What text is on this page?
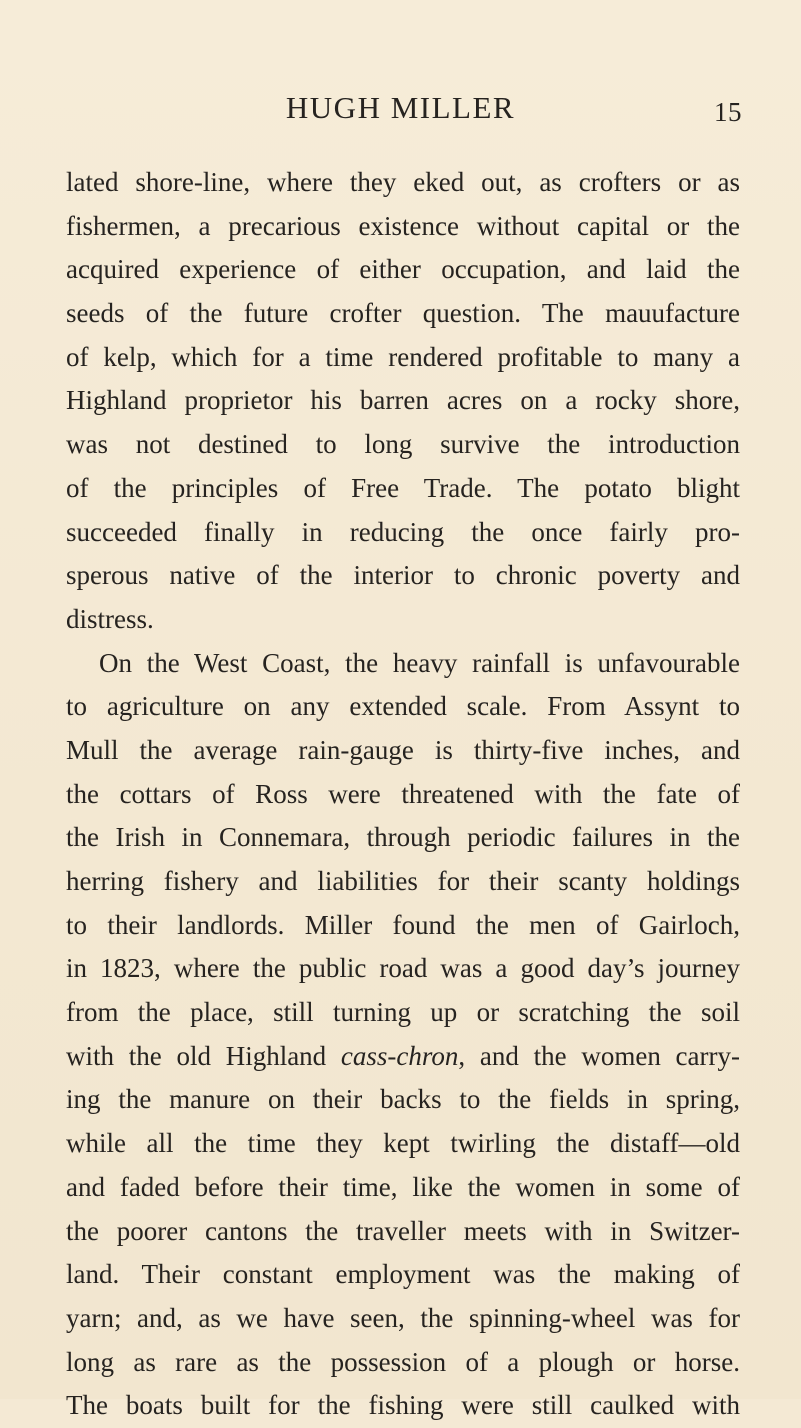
HUGH MILLER	15
lated shore-line, where they eked out, as crofters or as
fishermen, a precarious existence without capital or the
acquired experience of either occupation, and laid the
seeds of the future crofter question. The mauufacture
of kelp, which for a time rendered profitable to many a
Highland proprietor his barren acres on a rocky shore,
was not destined to long survive the introduction
of the principles of Free Trade. The potato blight
succeeded finally in reducing the once fairly pro-
sperous native of the interior to chronic poverty and
distress.
On the West Coast, the heavy rainfall is unfavourable
to agriculture on any extended scale. From Assynt to
Mull the average rain-gauge is thirty-five inches, and
the cottars of Ross were threatened with the fate of
the Irish in Connemara, through periodic failures in the
herring fishery and liabilities for their scanty holdings
to their landlords. Miller found the men of Gairloch,
in 1823, where the public road was a good day’s journey
from the place, still turning up or scratching the soil
with the old Highland cass-chron, and the women carry-
ing the manure on their backs to the fields in spring,
while all the time they kept twirling the distaff—old
and faded before their time, like the women in some of
the poorer cantons the traveller meets with in Switzer-
land. Their constant employment was the making of
yarn; and, as we have seen, the spinning-wheel was for
long as rare as the possession of a plough or horse.
The boats built for the fishing were still caulked with
